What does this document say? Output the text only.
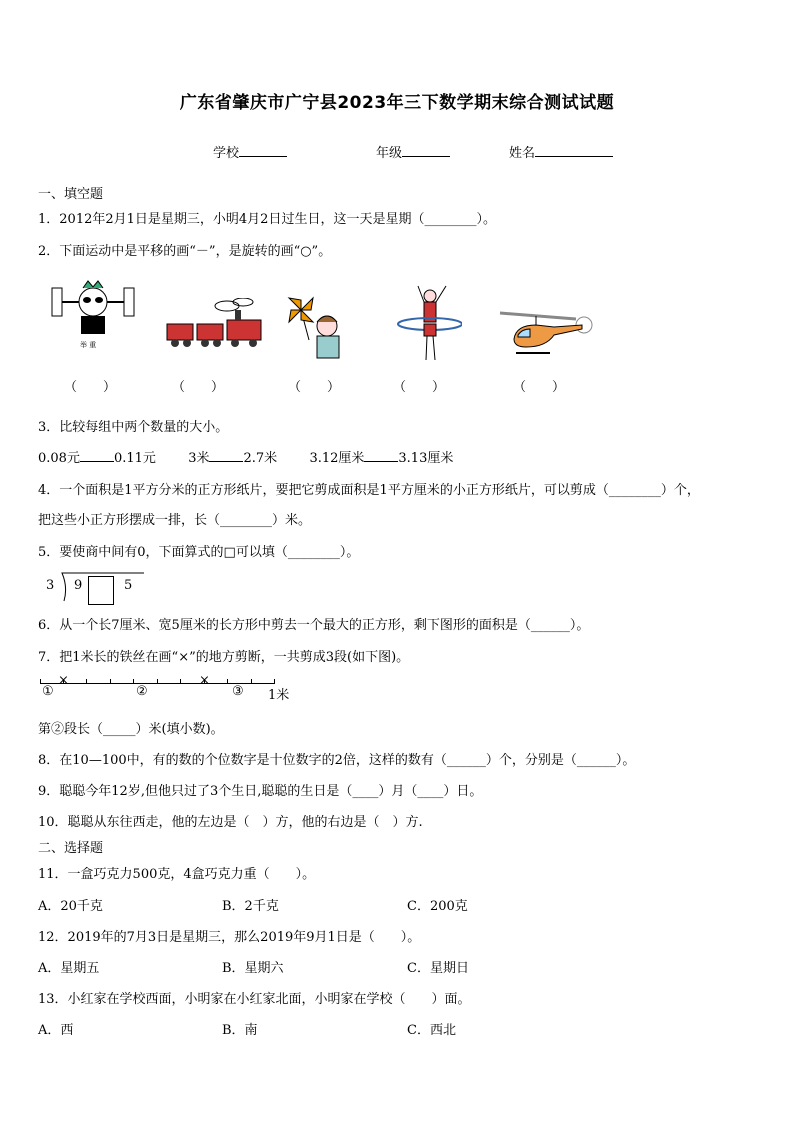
广东省肇庆市广宁县2023年三下数学期末综合测试试题
学校	年级	姓名
一、填空题
1．2012年2月1日是星期三，小明4月2日过生日，这一天是星期（________）。
2．下面运动中是平移的画“－”，是旋转的画“○”。
举 重
（　　）	（　　）	（　　）	（　　）	（　　）
3．比较每组中两个数量的大小。
0.08元	0.11元 3米	2.7米 3.12厘米	3.13厘米
4．一个面积是1平方分米的正方形纸片，要把它剪成面积是1平方厘米的小正方形纸片，可以剪成（________）个，
把这些小正方形摆成一排，长（________）米。
5．要使商中间有0，下面算式的□可以填（________）。
3 9	5
6．从一个长7厘米、宽5厘米的长方形中剪去一个最大的正方形，剩下图形的面积是（______）。
7．把1米长的铁丝在画“×”的地方剪断，一共剪成3段(如下图)。
×	×
①	②	③ 1米
第②段长（_____）米(填小数)。
8．在10—100中，有的数的个位数字是十位数字的2倍，这样的数有（______）个，分别是（______）。
9．聪聪今年12岁,但他只过了3个生日,聪聪的生日是（____）月（____）日。
10．聪聪从东往西走，他的左边是（　）方，他的右边是（　）方.
二、选择题
11．一盒巧克力500克，4盒巧克力重（　　）。
A．20千克	B．2千克	C．200克
12．2019年的7月3日是星期三，那么2019年9月1日是（　　）。
A．星期五	B．星期六	C．星期日
13．小红家在学校西面，小明家在小红家北面，小明家在学校（　　）面。
A．西	B．南	C．西北
